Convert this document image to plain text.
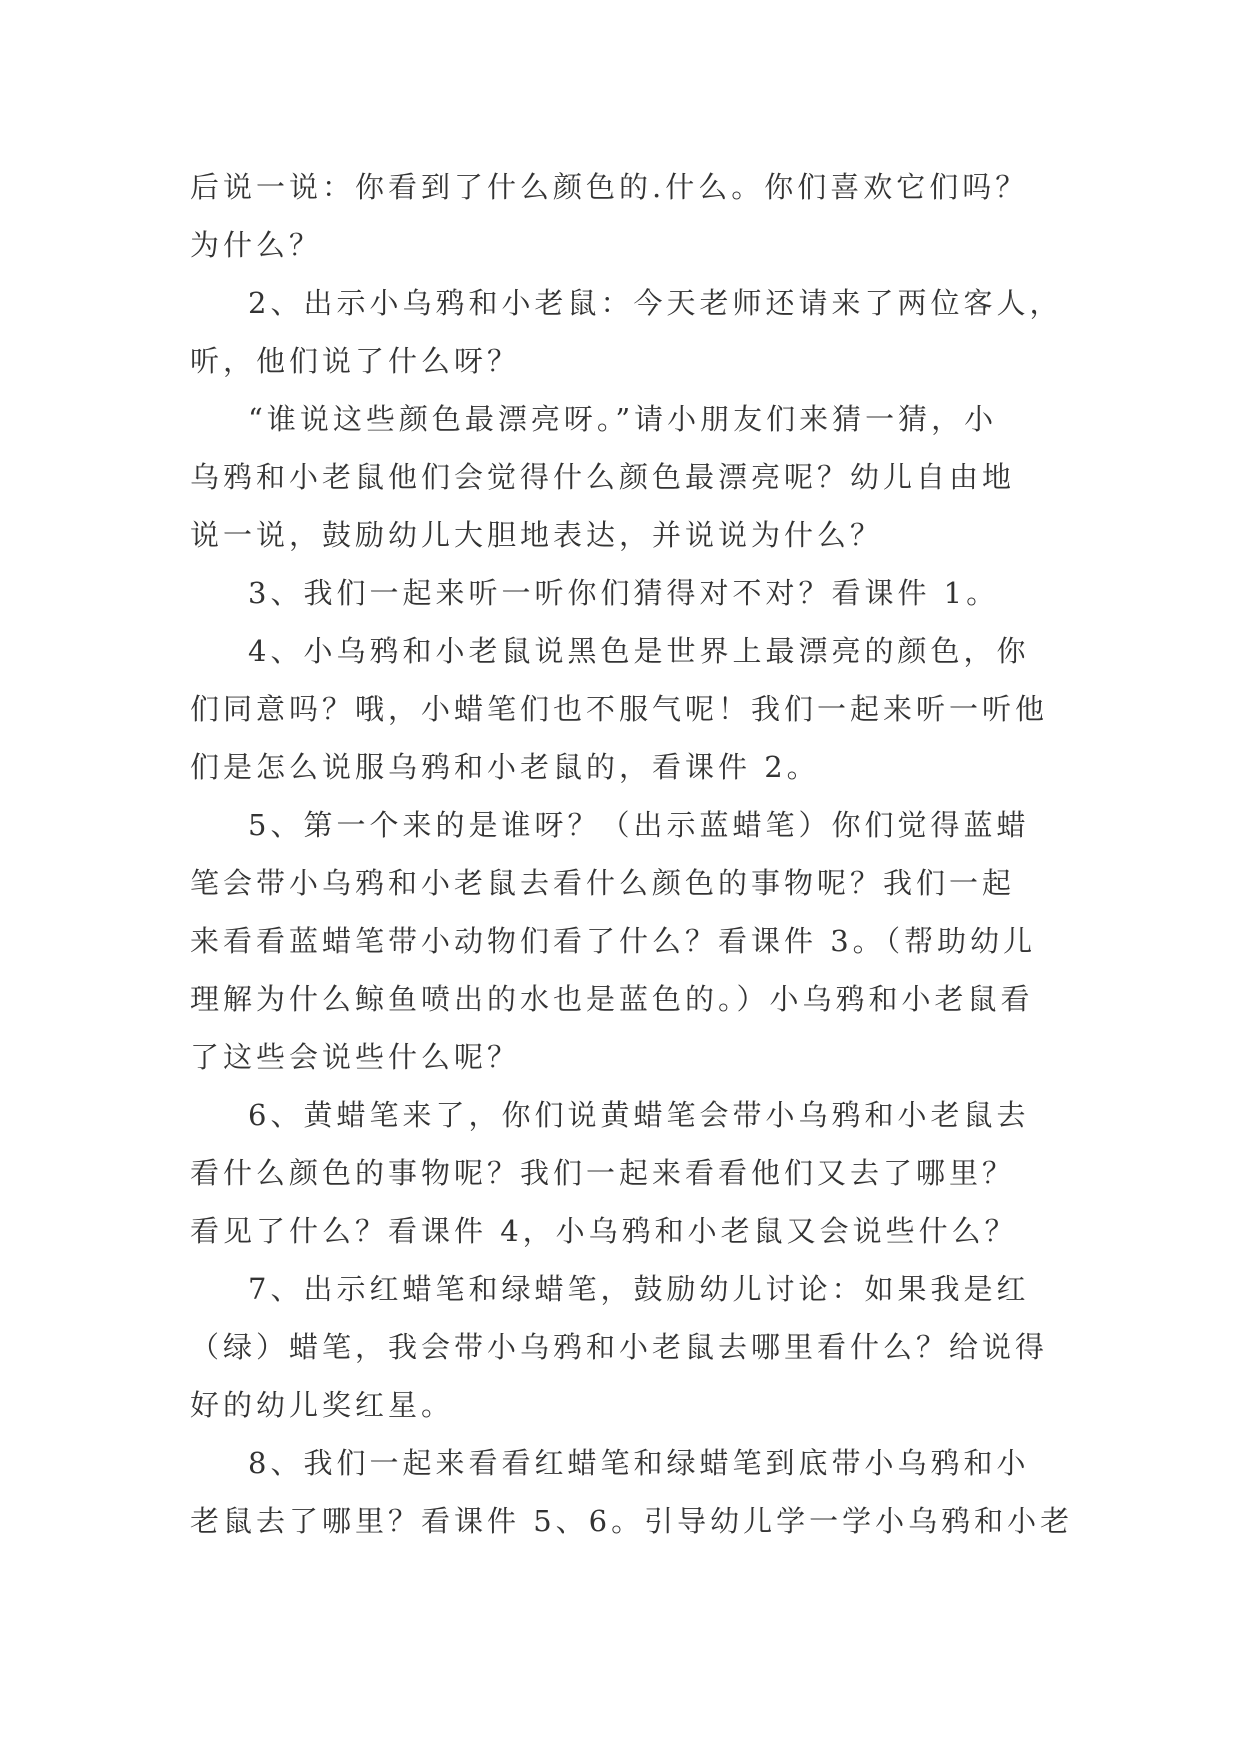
后说一说：你看到了什么颜色的.什么。你们喜欢它们吗？
为什么？
2、出示小乌鸦和小老鼠：今天老师还请来了两位客人，
听，他们说了什么呀？
“谁说这些颜色最漂亮呀。”请小朋友们来猜一猜，小
乌鸦和小老鼠他们会觉得什么颜色最漂亮呢？幼儿自由地
说一说，鼓励幼儿大胆地表达，并说说为什么？
3、我们一起来听一听你们猜得对不对？看课件 1。
4、小乌鸦和小老鼠说黑色是世界上最漂亮的颜色，你
们同意吗？哦，小蜡笔们也不服气呢！我们一起来听一听他
们是怎么说服乌鸦和小老鼠的，看课件 2。
5、第一个来的是谁呀？（出示蓝蜡笔）你们觉得蓝蜡
笔会带小乌鸦和小老鼠去看什么颜色的事物呢？我们一起
来看看蓝蜡笔带小动物们看了什么？看课件 3。（帮助幼儿
理解为什么鲸鱼喷出的水也是蓝色的。）小乌鸦和小老鼠看
了这些会说些什么呢？
6、黄蜡笔来了，你们说黄蜡笔会带小乌鸦和小老鼠去
看什么颜色的事物呢？我们一起来看看他们又去了哪里？
看见了什么？看课件 4，小乌鸦和小老鼠又会说些什么？
7、出示红蜡笔和绿蜡笔，鼓励幼儿讨论：如果我是红
（绿）蜡笔，我会带小乌鸦和小老鼠去哪里看什么？给说得
好的幼儿奖红星。
8、我们一起来看看红蜡笔和绿蜡笔到底带小乌鸦和小
老鼠去了哪里？看课件 5、6。引导幼儿学一学小乌鸦和小老
